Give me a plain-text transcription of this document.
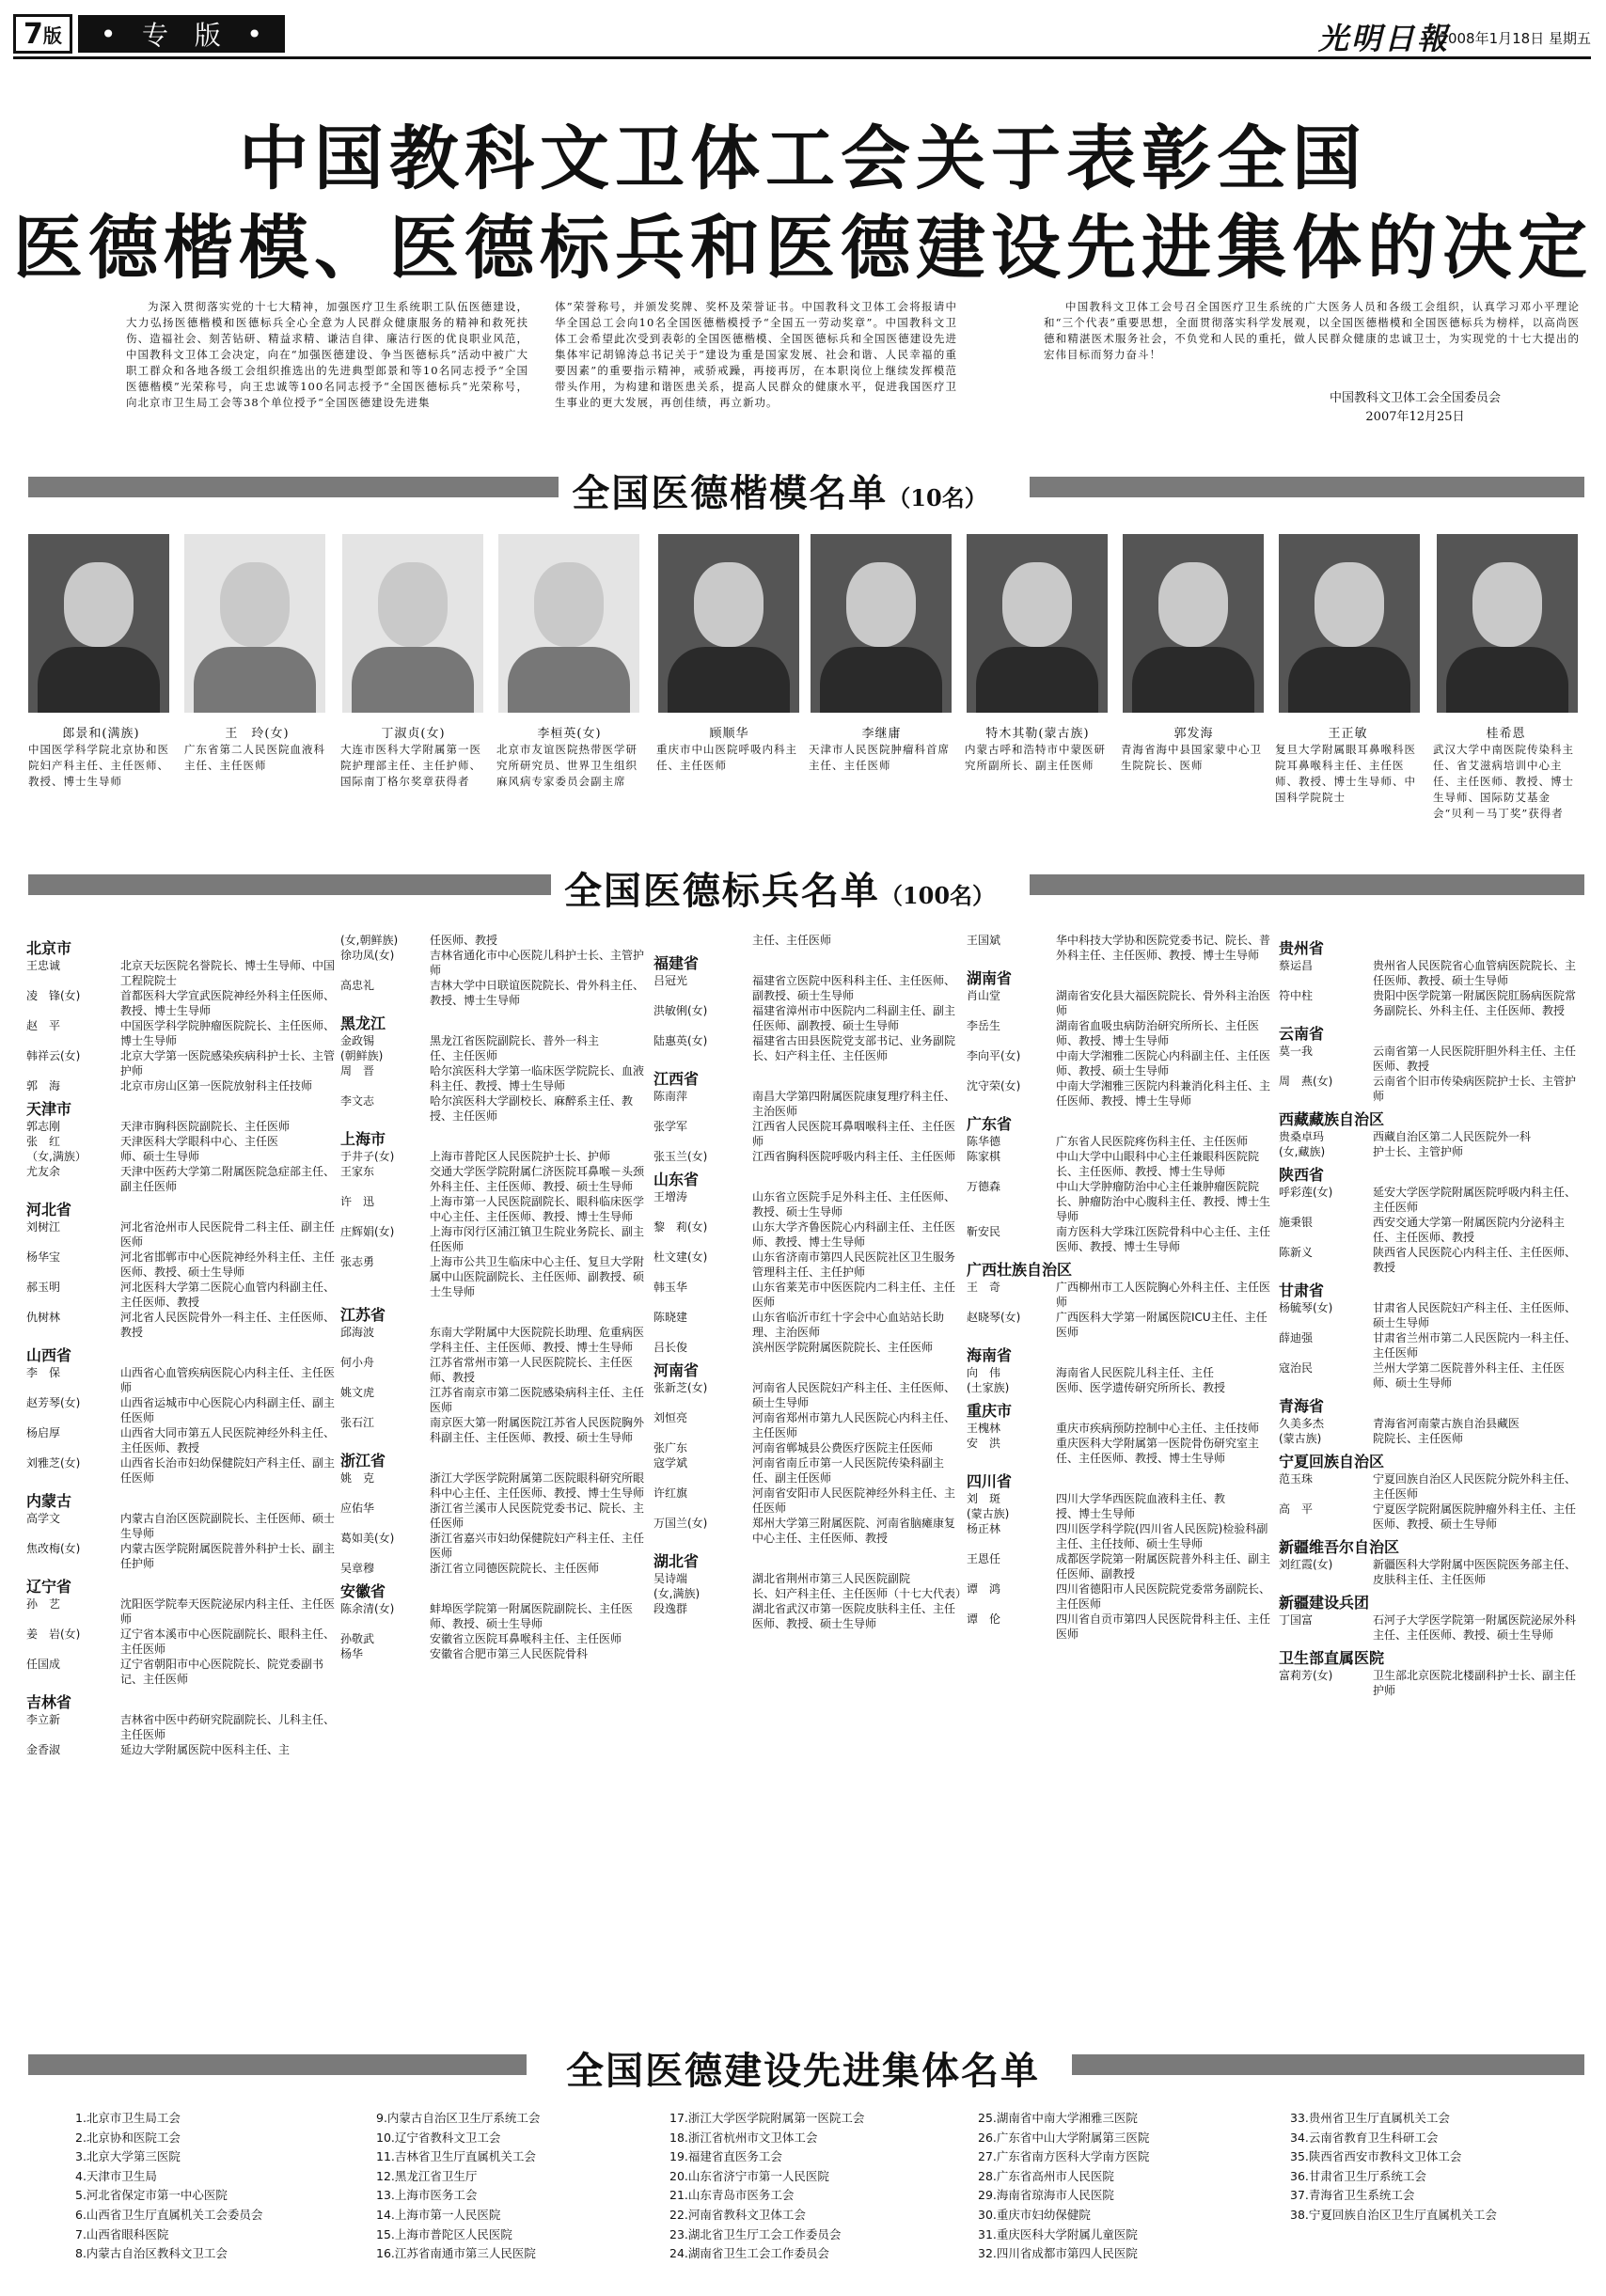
7 版 • 专 版 •	光明日報
2008年1月18日 星期五
中国教科文卫体工会关于表彰全国
医德楷模、医德标兵和医德建设先进集体的决定
为深入贯彻落实党的十七大精神，加强医疗卫生系统职工队伍医德建设，大力弘扬医德楷模和医德标兵全心全意为人民群众健康服务的精神和救死扶伤、造福社会、刻苦钻研、精益求精、谦洁自律、廉洁行医的优良职业风范，中国教科文卫体工会决定，向在“加强医德建设、争当医德标兵”活动中被广大职工群众和各地各级工会组织推选出的先进典型郎景和等10名同志授予“全国医德楷模”光荣称号，向王忠诚等100名同志授予“全国医德标兵”光荣称号，向北京市卫生局工会等38个单位授予“全国医德建设先进集
体”荣誉称号，并颁发奖牌、奖杯及荣誉证书。中国教科文卫体工会将报请中华全国总工会向10名全国医德楷模授予“全国五一劳动奖章”。中国教科文卫体工会希望此次受到表彰的全国医德楷模、全国医德标兵和全国医德建设先进集体牢记胡锦涛总书记关于“建设为重是国家发展、社会和谐、人民幸福的重要因素”的重要指示精神，戒骄戒躁，再接再厉，在本职岗位上继续发挥模范带头作用，为构建和谐医患关系，提高人民群众的健康水平，促进我国医疗卫生事业的更大发展，再创佳绩，再立新功。
中国教科文卫体工会号召全国医疗卫生系统的广大医务人员和各级工会组织，认真学习邓小平理论和“三个代表”重要思想，全面贯彻落实科学发展观，以全国医德楷模和全国医德标兵为榜样，以高尚医德和精湛医术服务社会，不负党和人民的重托，做人民群众健康的忠诚卫士，为实现党的十七大提出的宏伟目标而努力奋斗！
中国教科文卫体工会全国委员会
2007年12月25日
全国医德楷模名单（10名）
郎景和(满族)
中国医学科学院北京协和医院妇产科主任、主任医师、教授、博士生导师
王　玲(女)
广东省第二人民医院血液科主任、主任医师
丁淑贞(女)
大连市医科大学附属第一医院护理部主任、主任护师、国际南丁格尔奖章获得者
李桓英(女)
北京市友谊医院热带医学研究所研究员、世界卫生组织麻风病专家委员会副主席
顾顺华
重庆市中山医院呼吸内科主任、主任医师
李继庸
天津市人民医院肿瘤科首席主任、主任医师
特木其勒(蒙古族)
内蒙古呼和浩特市中蒙医研究所副所长、副主任医师
郭发海
青海省海中县国家蒙中心卫生院院长、医师
王正敏
复旦大学附属眼耳鼻喉科医院耳鼻喉科主任、主任医师、教授、博士生导师、中国科学院院士
桂希恩
武汉大学中南医院传染科主任、省艾滋病培训中心主任、主任医师、教授、博士生导师、国际防艾基金会“贝利－马丁奖”获得者
全国医德标兵名单（100名）
北京市
王忠诚	北京天坛医院名誉院长、博士生导师、中国工程院院士
凌　锋(女)	首都医科大学宣武医院神经外科主任医师、教授、博士生导师
赵　平	中国医学科学院肿瘤医院院长、主任医师、博士生导师
韩祥云(女)	北京大学第一医院感染疾病科护士长、主管护师
郭　海	北京市房山区第一医院放射科主任技师
天津市
郭志刚	天津市胸科医院副院长、主任医师
张　红	天津医科大学眼科中心、主任医
（女,满族）	师、硕士生导师
尤友余	天津中医药大学第二附属医院急症部主任、副主任医师
河北省
刘树江	河北省沧州市人民医院骨二科主任、副主任医师
杨华宝	河北省邯郸市中心医院神经外科主任、主任医师、教授、硕士生导师
郝玉明	河北医科大学第二医院心血管内科副主任、主任医师、教授
仇树林	河北省人民医院骨外一科主任、主任医师、教授
山西省
李　保	山西省心血管疾病医院心内科主任、主任医师
赵芳琴(女)	山西省运城市中心医院心内科副主任、副主任医师
杨启厚	山西省大同市第五人民医院神经外科主任、主任医师、教授
刘雅芝(女)	山西省长治市妇幼保健院妇产科主任、副主任医师
内蒙古
高学文	内蒙古自治区医院副院长、主任医师、硕士生导师
焦改梅(女)	内蒙古医学院附属医院普外科护士长、副主任护师
辽宁省
孙　艺	沈阳医学院奉天医院泌尿内科主任、主任医师
姜　岩(女)	辽宁省本溪市中心医院副院长、眼科主任、主任医师
任国成	辽宁省朝阳市中心医院院长、院党委副书记、主任医师
吉林省
李立新	吉林省中医中药研究院副院长、儿科主任、主任医师
金香淑	延边大学附属医院中医科主任、主
(女,朝鲜族)	任医师、教授
徐功凤(女)	吉林省通化市中心医院儿科护士长、主管护师
高忠礼	吉林大学中日联谊医院院长、骨外科主任、教授、博士生导师
黑龙江
金政锡	黑龙江省医院副院长、普外一科主
(朝鲜族)	任、主任医师
周　晋	哈尔滨医科大学第一临床医学院院长、血液科主任、教授、博士生导师
李文志	哈尔滨医科大学副校长、麻醉系主任、教授、主任医师
上海市
于井子(女)	上海市普陀区人民医院护士长、护师
王家东	交通大学医学院附属仁济医院耳鼻喉－头颈外科主任、主任医师、教授、硕士生导师
许　迅	上海市第一人民医院副院长、眼科临床医学中心主任、主任医师、教授、博士生导师
庄辉娟(女)	上海市闵行区浦江镇卫生院业务院长、副主任医师
张志勇	上海市公共卫生临床中心主任、复旦大学附属中山医院副院长、主任医师、副教授、硕士生导师
江苏省
邱海波	东南大学附属中大医院院长助理、危重病医学科主任、主任医师、教授、博士生导师
何小舟	江苏省常州市第一人民医院院长、主任医师、教授
姚文虎	江苏省南京市第二医院感染病科主任、主任医师
张石江	南京医大第一附属医院江苏省人民医院胸外科副主任、主任医师、教授、硕士生导师
浙江省
姚　克	浙江大学医学院附属第二医院眼科研究所眼科中心主任、主任医师、教授、博士生导师
应佑华	浙江省兰溪市人民医院党委书记、院长、主任医师
葛如美(女)	浙江省嘉兴市妇幼保健院妇产科主任、主任医师
吴章穆	浙江省立同德医院院长、主任医师
安徽省
陈余清(女)	蚌埠医学院第一附属医院副院长、主任医师、教授、硕士生导师
孙敬武	安徽省立医院耳鼻喉科主任、主任医师
杨华	安徽省合肥市第三人民医院骨科
主任、主任医师
福建省
吕冠光	福建省立医院中医科科主任、主任医师、副教授、硕士生导师
洪敏俐(女)	福建省漳州市中医院内二科副主任、副主任医师、副教授、硕士生导师
陆惠英(女)	福建省古田县医院党支部书记、业务副院长、妇产科主任、主任医师
江西省
陈南萍	南昌大学第四附属医院康复理疗科主任、主治医师
张学军	江西省人民医院耳鼻咽喉科主任、主任医师
张玉兰(女)	江西省胸科医院呼吸内科主任、主任医师
山东省
王增涛	山东省立医院手足外科主任、主任医师、教授、硕士生导师
黎　莉(女)	山东大学齐鲁医院心内科副主任、主任医师、教授、博士生导师
杜文建(女)	山东省济南市第四人民医院社区卫生服务管理科主任、主任护师
韩玉华	山东省莱芜市中医医院内二科主任、主任医师
陈晓建	山东省临沂市红十字会中心血站站长助理、主治医师
吕长俊	滨州医学院附属医院院长、主任医师
河南省
张新芝(女)	河南省人民医院妇产科主任、主任医师、硕士生导师
刘恒亮	河南省郑州市第九人民医院心内科主任、主任医师
张广东	河南省郸城县公费医疗医院主任医师
寇学斌	河南省南丘市第一人民医院传染科副主任、副主任医师
许红旗	河南省安阳市人民医院神经外科主任、主任医师
万国兰(女)	郑州大学第三附属医院、河南省脑瘫康复中心主任、主任医师、教授
湖北省
吴诗端	湖北省荆州市第三人民医院副院
(女,满族)	长、妇产科主任、主任医师（十七大代表）
段逸群	湖北省武汉市第一医院皮肤科主任、主任医师、教授、硕士生导师
王国斌	华中科技大学协和医院党委书记、院长、普外科主任、主任医师、教授、博士生导师
湖南省
肖山堂	湖南省安化县大福医院院长、骨外科主治医师
李岳生	湖南省血吸虫病防治研究所所长、主任医师、教授、博士生导师
李向平(女)	中南大学湘雅二医院心内科副主任、主任医师、教授、硕士生导师
沈守荣(女)	中南大学湘雅三医院内科兼消化科主任、主任医师、教授、博士生导师
广东省
陈华德	广东省人民医院疼伤科主任、主任医师
陈家棋	中山大学中山眼科中心主任兼眼科医院院长、主任医师、教授、博士生导师
万德森	中山大学肿瘤防治中心主任兼肿瘤医院院长、肿瘤防治中心腹科主任、教授、博士生导师
靳安民	南方医科大学珠江医院骨科中心主任、主任医师、教授、博士生导师
广西壮族自治区
王　奇	广西柳州市工人医院胸心外科主任、主任医师
赵晓琴(女)	广西医科大学第一附属医院ICU主任、主任医师
海南省
向　伟	海南省人民医院儿科主任、主任
(土家族)	医师、医学遗传研究所所长、教授
重庆市
王槐林	重庆市疾病预防控制中心主任、主任技师
安　洪	重庆医科大学附属第一医院骨伤研究室主任、主任医师、教授、博士生导师
四川省
刘　斑	四川大学华西医院血液科主任、教
(蒙古族)	授、博士生导师
杨正林	四川医学科学院(四川省人民医院)检验科副主任、主任技师、硕士生导师
王恩任	成都医学院第一附属医院普外科主任、副主任医师、副教授
谭　鸿	四川省德阳市人民医院院党委常务副院长、主任医师
谭　伦	四川省自贡市第四人民医院骨科主任、主任医师
贵州省
蔡运昌	贵州省人民医院省心血管病医院院长、主任医师、教授、硕士生导师
符中柱	贵阳中医学院第一附属医院肛肠病医院常务副院长、外科主任、主任医师、教授
云南省
莫一我	云南省第一人民医院肝胆外科主任、主任医师、教授
周　燕(女)	云南省个旧市传染病医院护士长、主管护师
西藏藏族自治区
贵桑卓玛	西藏自治区第二人民医院外一科
(女,藏族)	护士长、主管护师
陕西省
呼彩莲(女)	延安大学医学院附属医院呼吸内科主任、主任医师
施秉银	西安交通大学第一附属医院内分泌科主任、主任医师、教授
陈新义	陕西省人民医院心内科主任、主任医师、教授
甘肃省
杨毓琴(女)	甘肃省人民医院妇产科主任、主任医师、硕士生导师
薛迪强	甘肃省兰州市第二人民医院内一科主任、主任医师
寇治民	兰州大学第二医院普外科主任、主任医师、硕士生导师
青海省
久美多杰	青海省河南蒙古族自治县藏医
(蒙古族)	院院长、主任医师
宁夏回族自治区
范玉珠	宁夏回族自治区人民医院分院外科主任、主任医师
高　平	宁夏医学院附属医院肿瘤外科主任、主任医师、教授、硕士生导师
新疆维吾尔自治区
刘红霞(女)	新疆医科大学附属中医医院医务部主任、皮肤科主任、主任医师
新疆建设兵团
丁国富	石河子大学医学院第一附属医院泌尿外科主任、主任医师、教授、硕士生导师
卫生部直属医院
富莉芳(女)	卫生部北京医院北楼副科护士长、副主任护师
全国医德建设先进集体名单
1.北京市卫生局工会
2.北京协和医院工会
3.北京大学第三医院
4.天津市卫生局
5.河北省保定市第一中心医院
6.山西省卫生厅直属机关工会委员会
7.山西省眼科医院
8.内蒙古自治区教科文卫工会
9.内蒙古自治区卫生厅系统工会
10.辽宁省教科文卫工会
11.吉林省卫生厅直属机关工会
12.黑龙江省卫生厅
13.上海市医务工会
14.上海市第一人民医院
15.上海市普陀区人民医院
16.江苏省南通市第三人民医院
17.浙江大学医学院附属第一医院工会
18.浙江省杭州市文卫体工会
19.福建省直医务工会
20.山东省济宁市第一人民医院
21.山东青岛市医务工会
22.河南省教科文卫体工会
23.湖北省卫生厅工会工作委员会
24.湖南省卫生工会工作委员会
25.湖南省中南大学湘雅三医院
26.广东省中山大学附属第三医院
27.广东省南方医科大学南方医院
28.广东省高州市人民医院
29.海南省琼海市人民医院
30.重庆市妇幼保健院
31.重庆医科大学附属儿童医院
32.四川省成都市第四人民医院
33.贵州省卫生厅直属机关工会
34.云南省教育卫生科研工会
35.陕西省西安市教科文卫体工会
36.甘肃省卫生厅系统工会
37.青海省卫生系统工会
38.宁夏回族自治区卫生厅直属机关工会
